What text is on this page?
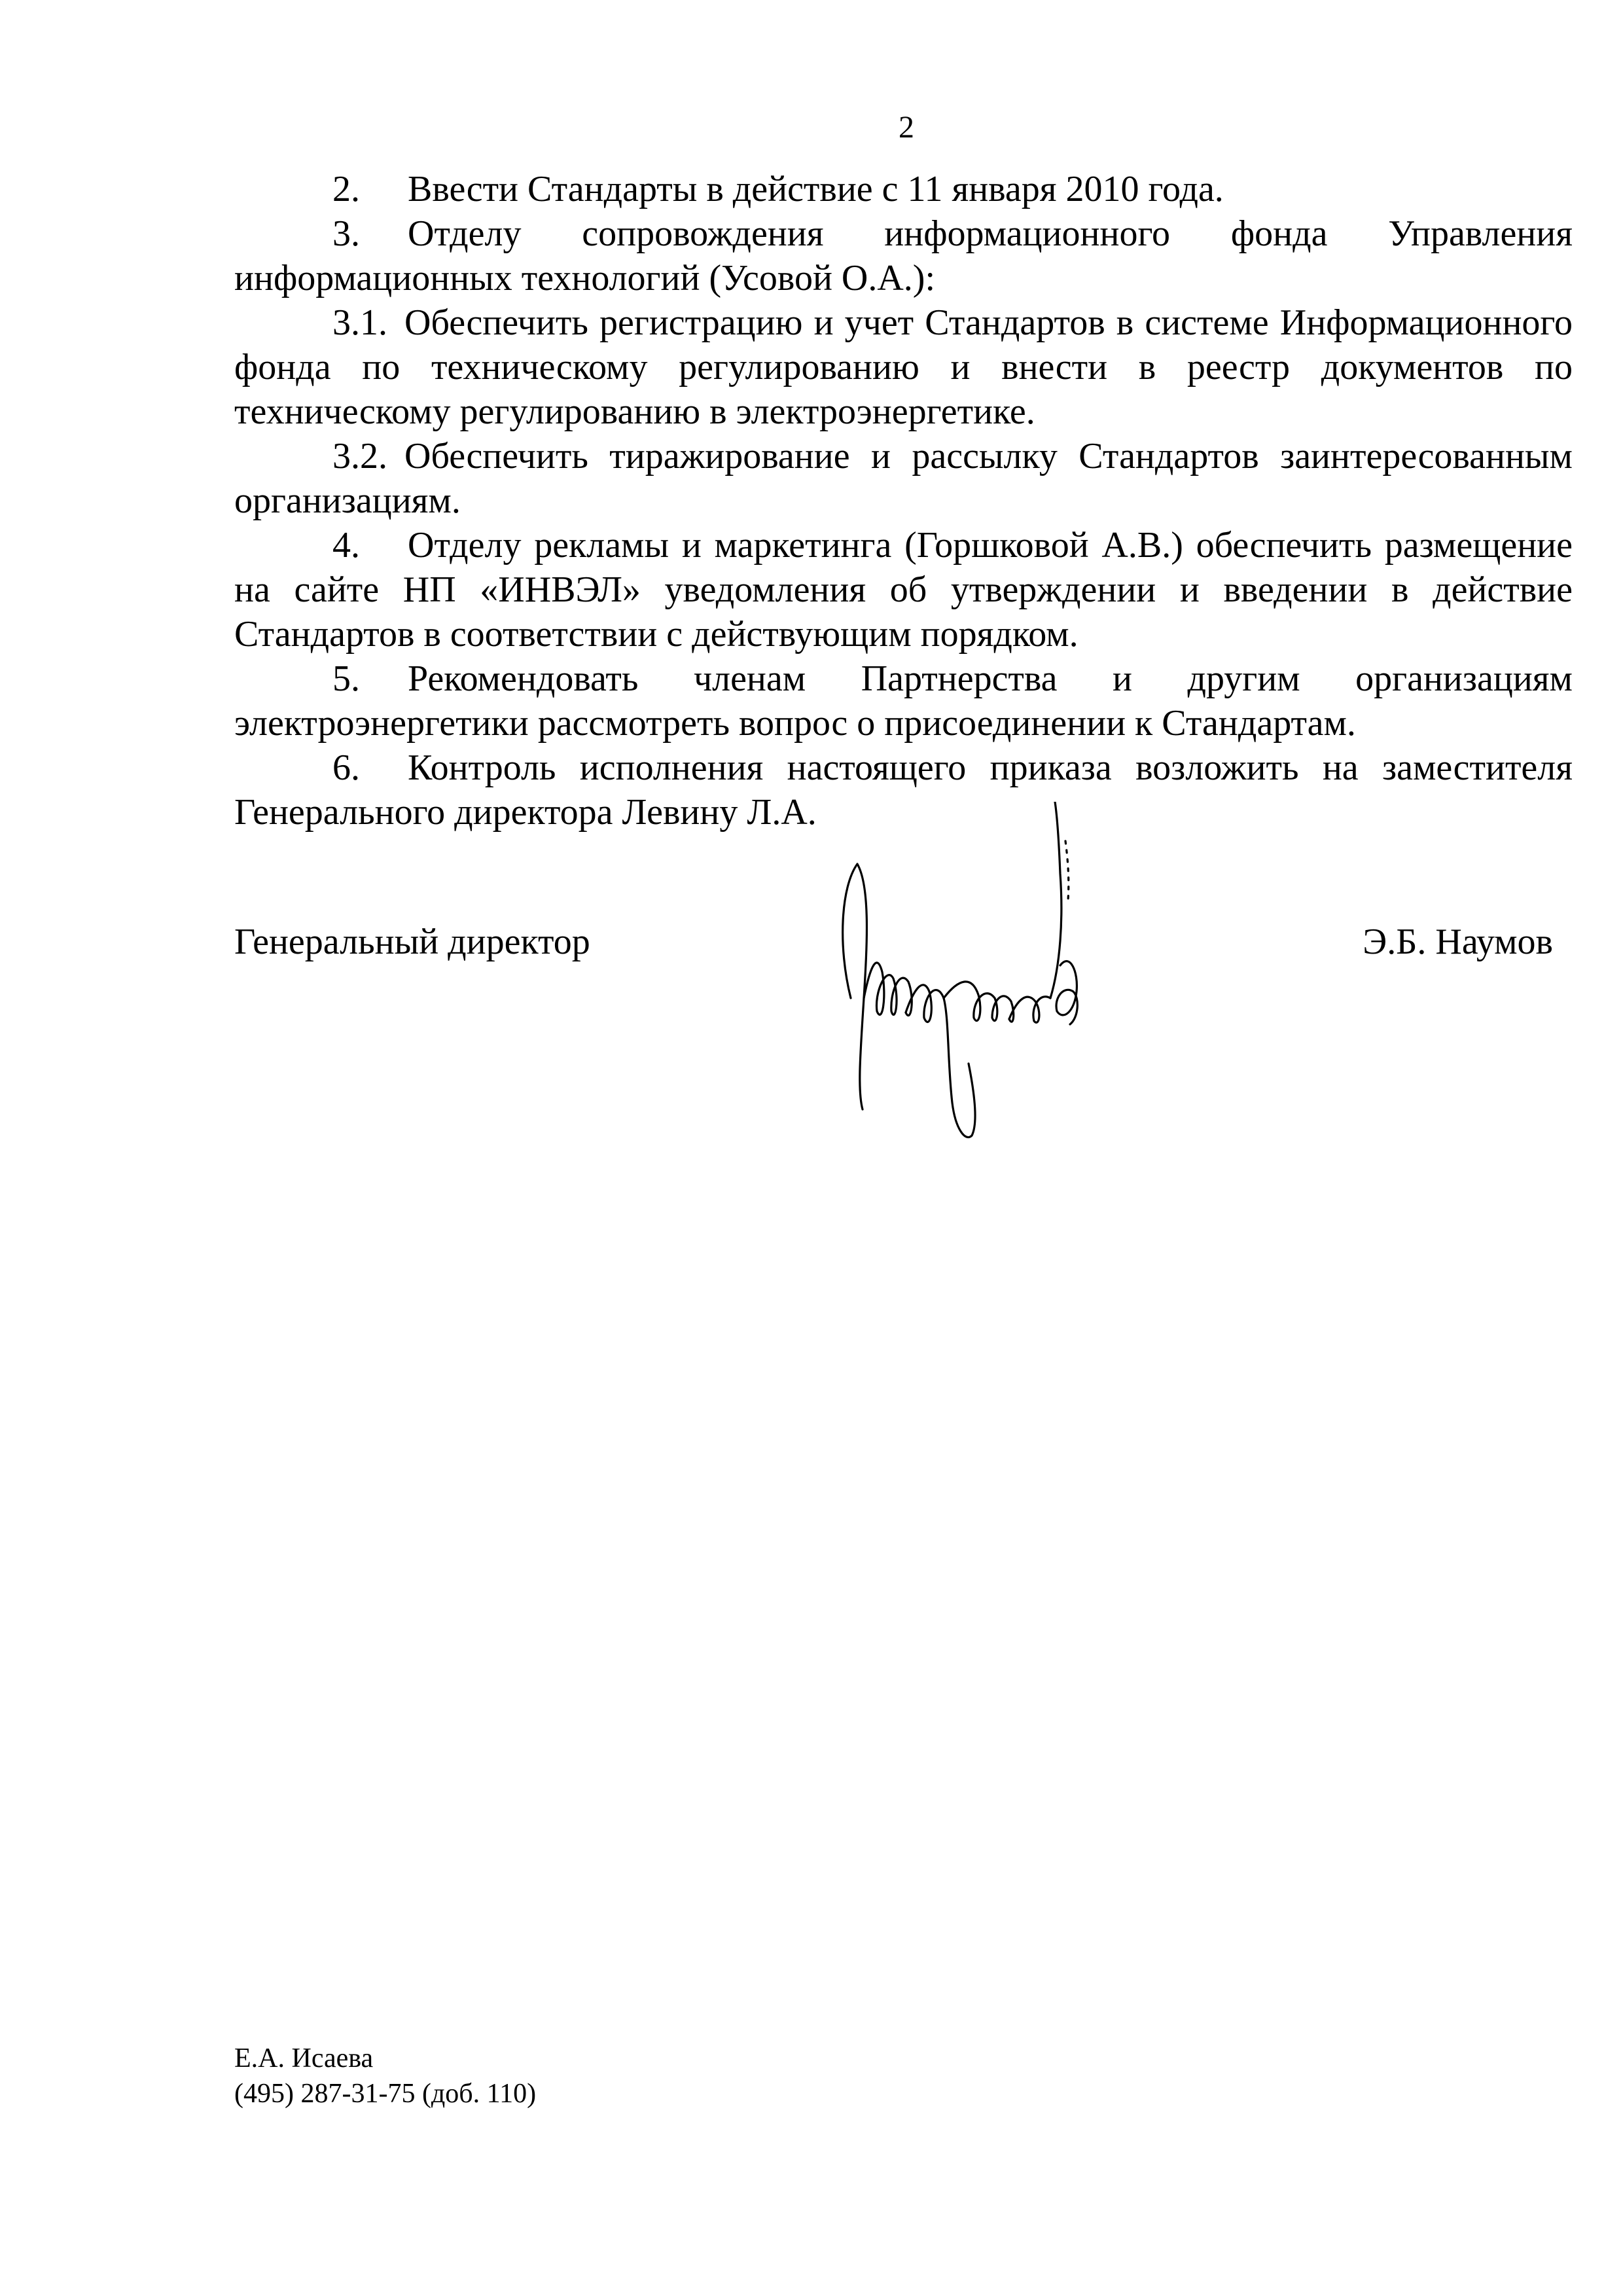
2

2. Ввести Стандарты в действие с 11 января 2010 года.

3. Отделу сопровождения информационного фонда Управления информационных технологий (Усовой О.А.):

3.1. Обеспечить регистрацию и учет Стандартов в системе Информационного фонда по техническому регулированию и внести в реестр документов по техническому регулированию в электроэнергетике.

3.2. Обеспечить тиражирование и рассылку Стандартов заинтересованным организациям.

4. Отделу рекламы и маркетинга (Горшковой А.В.) обеспечить размещение на сайте НП «ИНВЭЛ» уведомления об утверждении и введении в действие Стандартов в соответствии с действующим порядком.

5. Рекомендовать членам Партнерства и другим организациям электроэнергетики рассмотреть вопрос о присоединении к Стандартам.

6. Контроль исполнения настоящего приказа возложить на заместителя Генерального директора Левину Л.А.

Генеральный директор	Э.Б. Наумов
Е.А. Исаева
(495) 287-31-75 (доб. 110)
